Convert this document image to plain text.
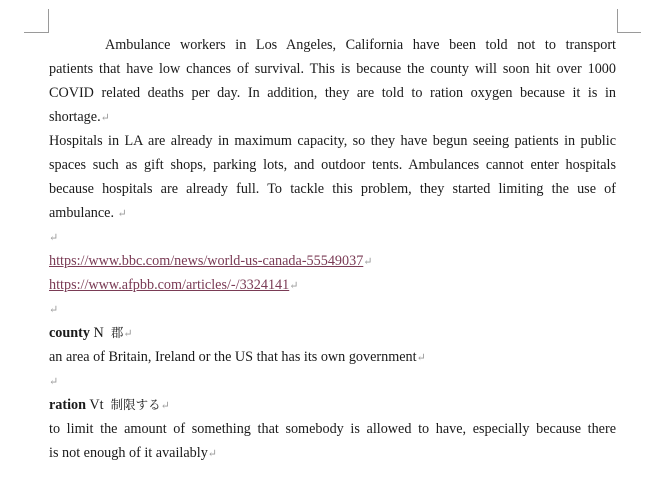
Ambulance workers in Los Angeles, California have been told not to transport
patients that have low chances of survival. This is because the county will soon hit over 1000
COVID related deaths per day. In addition, they are told to ration oxygen because it is in
shortage.↵
Hospitals in LA are already in maximum capacity, so they have begun seeing patients in public
spaces such as gift shops, parking lots, and outdoor tents. Ambulances cannot enter hospitals
because hospitals are already full. To tackle this problem, they started limiting the use of
ambulance. ↵
↵
https://www.bbc.com/news/world-us-canada-55549037↵
https://www.afpbb.com/articles/-/3324141↵
↵
county N 郡↵
an area of Britain, Ireland or the US that has its own government↵
↵
ration Vt 制限する↵
to limit the amount of something that somebody is allowed to have, especially because there
is not enough of it availably↵
